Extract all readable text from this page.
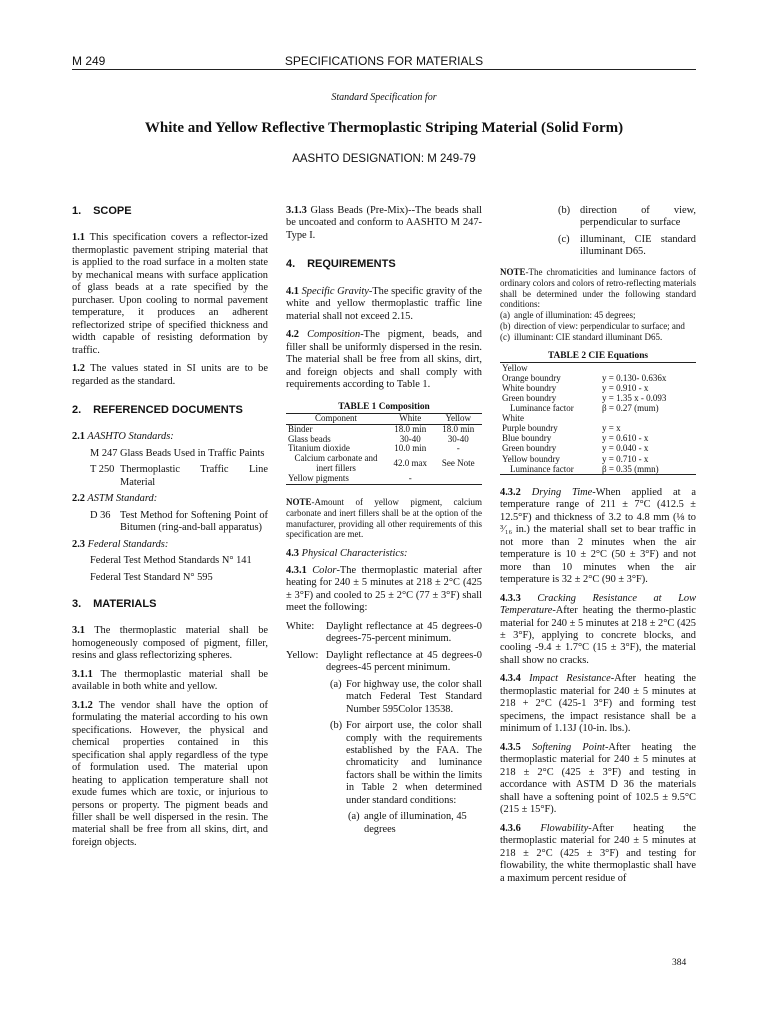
M 249	SPECIFICATIONS FOR MATERIALS
Standard Specification for
White and Yellow Reflective Thermoplastic Striping Material (Solid Form)
AASHTO DESIGNATION: M 249-79
1. SCOPE

1.1 This specification covers a reflector-ized thermoplastic pavement striping material that is applied to the road surface in a molten state by mechanical means with surface application of glass beads at a rate specified by the purchaser. Upon cooling to normal pavement temperature, it produces an adherent reflectorized stripe of specified thickness and width capable of resisting deformation by traffic.

1.2 The values stated in SI units are to be regarded as the standard.

2. REFERENCED DOCUMENTS

2.1 AASHTO Standards:

M 247 Glass Beads Used in Traffic Paints
T 250 Thermoplastic Traffic Line Material

2.2 ASTM Standard:

D 36 Test Method for Softening Point of Bitumen (ring-and-ball apparatus)

2.3 Federal Standards:

Federal Test Method Standards N° 141

Federal Test Standard N° 595

3. MATERIALS

3.1 The thermoplastic material shall be homogeneously composed of pigment, filler, resins and glass reflectorizing spheres.

3.1.1 The thermoplastic material shall be available in both white and yellow.

3.1.2 The vendor shall have the option of formulating the material according to his own specifications. However, the physical and chemical properties contained in this specification shal apply regardless of the type of formulation used. The material upon heating to application temperature shall not exude fumes which are toxic, or injurious to persons or property. The pigment beads and filler shall be well dispersed in the resin. The material shall be free from all skins, dirt, and foreign objects.

3.1.3 Glass Beads (Pre-Mix)--The beads shall be uncoated and conform to AASHTO M 247-Type I.

4. REQUIREMENTS

4.1 Specific Gravity-The specific gravity of the white and yellow thermoplastic traffic line material shall not exceed 2.15.

4.2 Composition-The pigment, beads, and filler shall be uniformly dispersed in the resin. The material shall be free from all skins, dirt, and foreign objects and shall comply with requirements according to Table 1.

TABLE 1 Composition
Component	White	Yellow
Binder	18.0 min	18.0 min
Glass beads	30-40	30-40
Titanium dioxide	10.0 min	-
Calcium carbonate and inert fillers	42.0 max	See Note
Yellow pigments	-	
NOTE-Amount of yellow pigment, calcium carbonate and inert fillers shall be at the option of the manufacturer, providing all other requirements of this specification are met.

4.3 Physical Characteristics:

4.3.1 Color-The thermoplastic material after heating for 240 ± 5 minutes at 218 ± 2°C (425 ± 3°F) and cooled to 25 ± 2°C (77 ± 3°F) shall meet the following:

White:	Daylight reflectance at 45 degrees-0 degrees-75-percent minimum.
Yellow: Daylight reflectance at 45 degrees-0 degrees-45 percent minimum.
(a) For highway use, the color shall match Federal Test Standard Number 595Color 13538.
(b) For airport use, the color shall comply with the requirements established by the FAA. The chromaticity and luminance factors shall be within the limits in Table 2 when determined under standard conditions:
(a) angle of illumination, 45 degrees
(b) direction of view, perpendicular to surface
(c)	illuminant, CIE standard illuminant D65.
NOTE-The chromaticities and luminance factors of ordinary colors and colors of retro-reflecting materials shall be determined under the following standard conditions:
(a) angle of illumination: 45 degrees;
(b) direction of view: perpendicular to surface; and
(c) illuminant: CIE standard illuminant D65.
TABLE 2 CIE Equations
Yellow	
Orange boundry	y = 0.130- 0.636x
White boundry	y = 0.910 - x
Green boundry	y = 1.35 x - 0.093
Luminance factor	β = 0.27 (mum)
White	
Purple boundry	y = x
Blue boundry	y = 0.610 - x
Green boundry	y = 0.040 - x
Yellow boundry	y = 0.710 - x
Luminance factor	β = 0.35 (mmn)

4.3.2 Drying Time-When applied at a temperature range of 211 ± 7°C (412.5 ± 12.5°F) and thickness of 3.2 to 4.8 mm (⅛ to ³⁄₁₆ in.) the material shall set to bear traffic in not more than 2 minutes when the air temperature is 10 ± 2°C (50 ± 3°F) and not more than 10 minutes when the air temperature is 32 ± 2°C (90 ± 3°F).

4.3.3 Cracking Resistance at Low Temperature-After heating the thermo-plastic material for 240 ± 5 minutes at 218 ± 2°C (425 ± 3°F), applying to concrete blocks, and cooling -9.4 ± 1.7°C (15 ± 3°F), the material shall show no cracks.

4.3.4 Impact Resistance-After heating the thermoplastic material for 240 ± 5 minutes at 218 + 2°C (425-1 3°F) and forming test specimens, the impact resistance shall be a minimum of 1.13J (10-in. lbs.).

4.3.5 Softening Point-After heating the thermoplastic material for 240 ± 5 minutes at 218 ± 2°C (425 ± 3°F) and testing in accordance with ASTM D 36 the materials shall have a softening point of 102.5 ± 9.5°C (215 ± 15°F).

4.3.6 Flowability-After heating the thermoplastic material for 240 ± 5 minutes at 218 ± 2°C (425 ± 3°F) and testing for flowability, the white thermoplastic shall have a maximum percent residue of

384
